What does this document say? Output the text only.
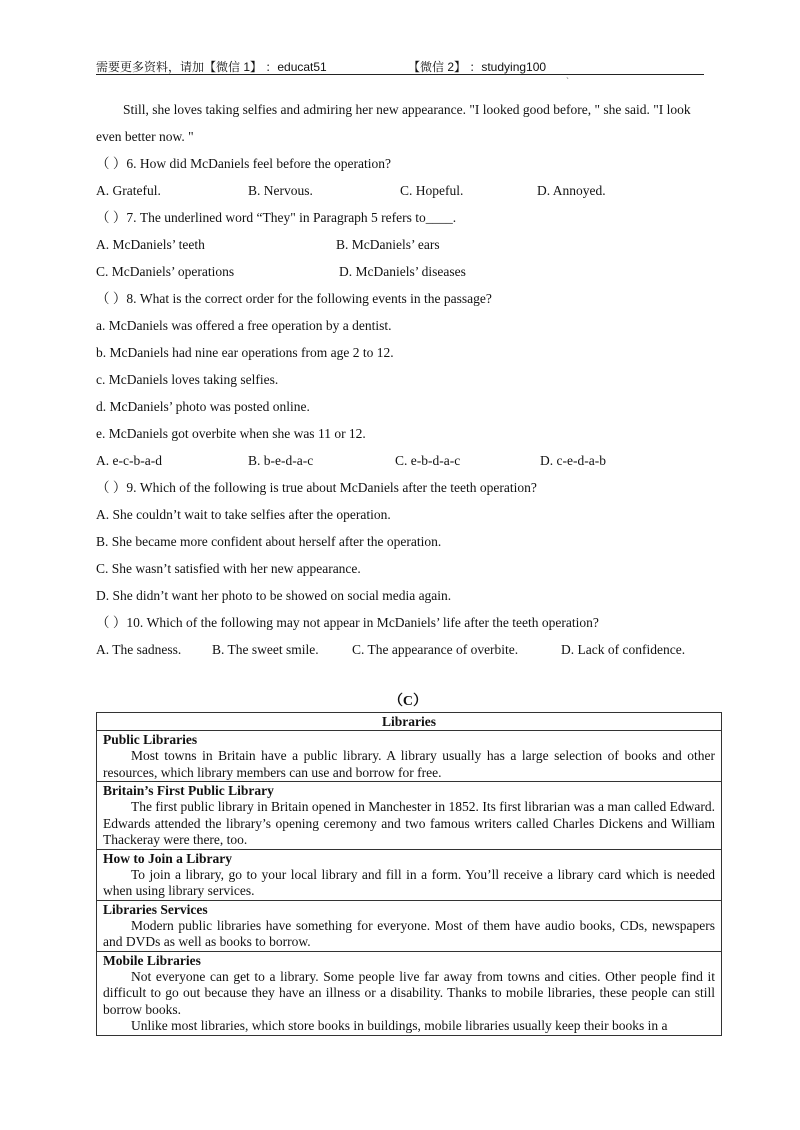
需要更多资料，请加【微信 1】 ：educat51	【微信 2】 ：studying100
ˋ

Still, she loves taking selfies and admiring her new appearance. "I looked good before, " she said. "I look even better now. "

（ ）6. How did McDaniels feel before the operation?
A. Grateful.	B. Nervous.	C. Hopeful.	D. Annoyed.
（ ）7. The underlined word “They" in Paragraph 5 refers to____.
A. McDaniels’ teeth	B. McDaniels’ ears
C. McDaniels’ operations	D. McDaniels’ diseases
（ ）8. What is the correct order for the following events in the passage?
a. McDaniels was offered a free operation by a dentist.
b. McDaniels had nine ear operations from age 2 to 12.
c. McDaniels loves taking selfies.
d. McDaniels’ photo was posted online.
e. McDaniels got overbite when she was 11 or 12.
A. e-c-b-a-d	B. b-e-d-a-c	C. e-b-d-a-c	D. c-e-d-a-b
（ ）9. Which of the following is true about McDaniels after the teeth operation?
A. She couldn’t wait to take selfies after the operation.
B. She became more confident about herself after the operation.
C. She wasn’t satisfied with her new appearance.
D. She didn’t want her photo to be showed on social media again.
（ ）10. Which of the following may not appear in McDaniels’ life after the teeth operation?
A. The sadness. B. The sweet smile. C. The appearance of overbite.	D. Lack of confidence.
（C）
Libraries
Public Libraries

Most towns in Britain have a public library. A library usually has a large selection of books and other resources, which library members can use and borrow for free.

Britain’s First Public Library

The first public library in Britain opened in Manchester in 1852. Its first librarian was a man called Edward. Edwards attended the library’s opening ceremony and two famous writers called Charles Dickens and William Thackeray were there, too.

How to Join a Library

To join a library, go to your local library and fill in a form. You’ll receive a library card which is needed when using library services.

Libraries Services

Modern public libraries have something for everyone. Most of them have audio books, CDs, newspapers and DVDs as well as books to borrow.

Mobile Libraries

Not everyone can get to a library. Some people live far away from towns and cities. Other people find it difficult to go out because they have an illness or a disability. Thanks to mobile libraries, these people can still borrow books.

Unlike most libraries, which store books in buildings, mobile libraries usually keep their books in a
